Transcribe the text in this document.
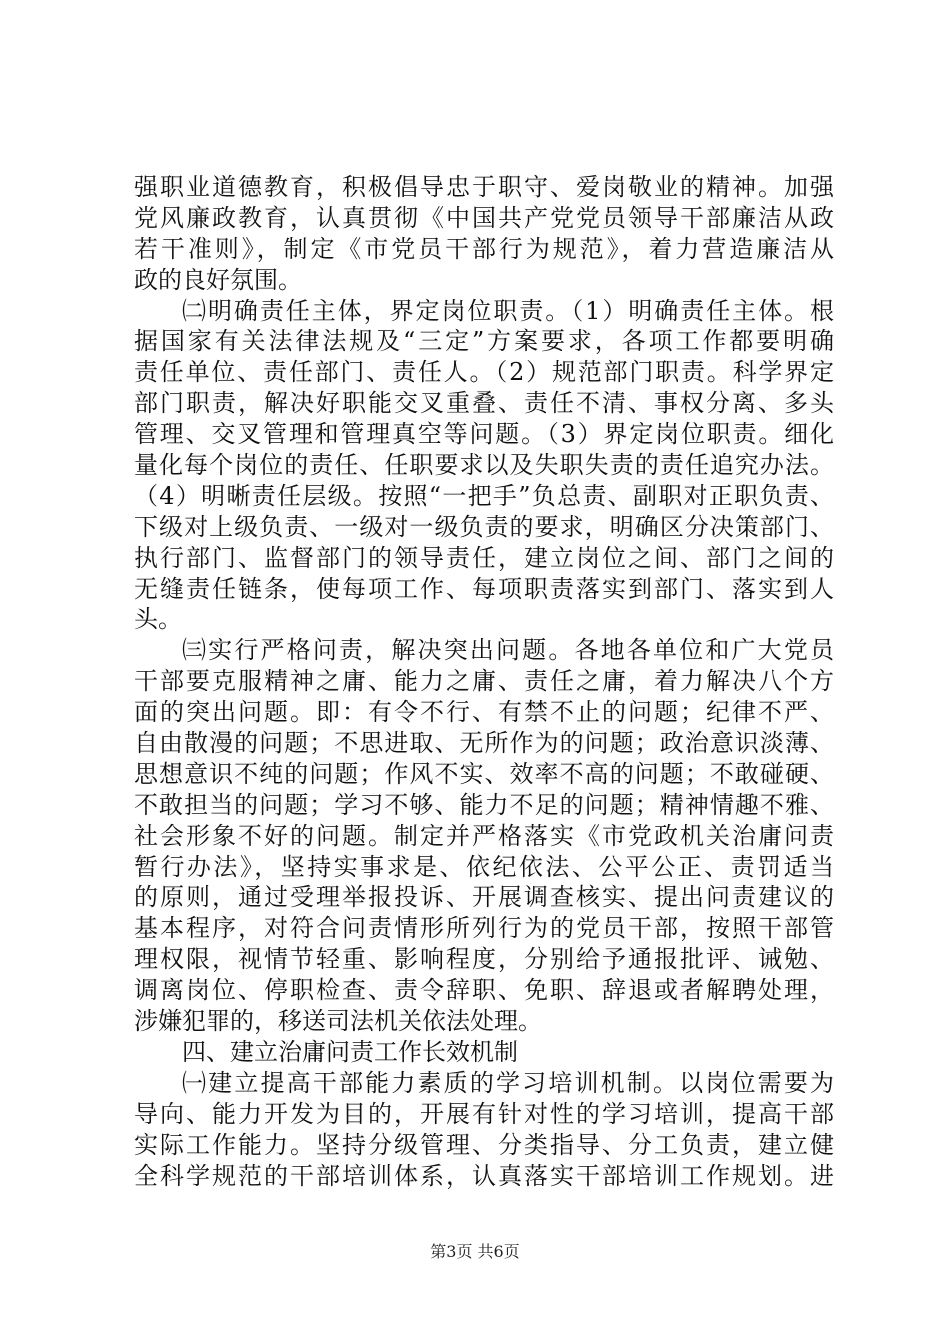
强职业道德教育，积极倡导忠于职守、爱岗敬业的精神。加强
党风廉政教育，认真贯彻《中国共产党党员领导干部廉洁从政
若干准则》，制定《市党员干部行为规范》，着力营造廉洁从
政的良好氛围。
㈡明确责任主体，界定岗位职责。（1）明确责任主体。根
据国家有关法律法规及“三定”方案要求，各项工作都要明确
责任单位、责任部门、责任人。（2）规范部门职责。科学界定
部门职责，解决好职能交叉重叠、责任不清、事权分离、多头
管理、交叉管理和管理真空等问题。（3）界定岗位职责。细化
量化每个岗位的责任、任职要求以及失职失责的责任追究办法。
（4）明晰责任层级。按照“一把手”负总责、副职对正职负责、
下级对上级负责、一级对一级负责的要求，明确区分决策部门、
执行部门、监督部门的领导责任，建立岗位之间、部门之间的
无缝责任链条，使每项工作、每项职责落实到部门、落实到人
头。
㈢实行严格问责，解决突出问题。各地各单位和广大党员
干部要克服精神之庸、能力之庸、责任之庸，着力解决八个方
面的突出问题。即：有令不行、有禁不止的问题；纪律不严、
自由散漫的问题；不思进取、无所作为的问题；政治意识淡薄、
思想意识不纯的问题；作风不实、效率不高的问题；不敢碰硬、
不敢担当的问题；学习不够、能力不足的问题；精神情趣不雅、
社会形象不好的问题。制定并严格落实《市党政机关治庸问责
暂行办法》，坚持实事求是、依纪依法、公平公正、责罚适当
的原则，通过受理举报投诉、开展调查核实、提出问责建议的
基本程序，对符合问责情形所列行为的党员干部，按照干部管
理权限，视情节轻重、影响程度，分别给予通报批评、诫勉、
调离岗位、停职检查、责令辞职、免职、辞退或者解聘处理，
涉嫌犯罪的，移送司法机关依法处理。
四、建立治庸问责工作长效机制
㈠建立提高干部能力素质的学习培训机制。以岗位需要为
导向、能力开发为目的，开展有针对性的学习培训，提高干部
实际工作能力。坚持分级管理、分类指导、分工负责，建立健
全科学规范的干部培训体系，认真落实干部培训工作规划。进
第3页 共6页
